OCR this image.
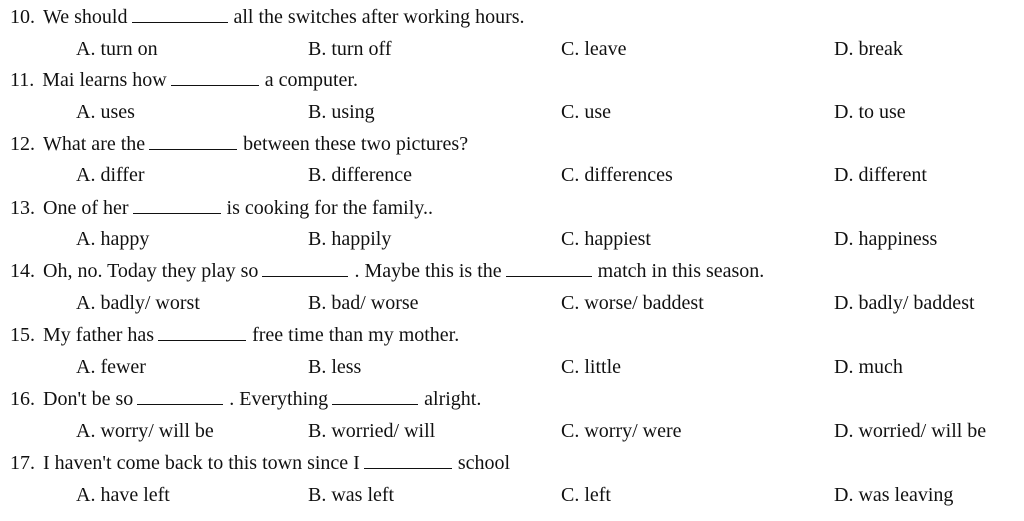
10. We should	all the switches after working hours.
A. turn on	B. turn off	C. leave	D. break
11. Mai learns how	a computer.
A. uses	B. using	C. use	D. to use
12. What are the	between these two pictures?
A. differ	B. difference	C. differences	D. different
13. One of her	is cooking for the family..
A. happy	B. happily	C. happiest	D. happiness
14. Oh, no. Today they play so	. Maybe this is the	match in this season.
A. badly/ worst	B. bad/ worse	C. worse/ baddest	D. badly/ baddest
15. My father has	free time than my mother.
A. fewer	B. less	C. little	D. much
16. Don't be so	. Everything	alright.
A. worry/ will be	B. worried/ will	C. worry/ were	D. worried/ will be
17. I haven't come back to this town since I	school
A. have left	B. was left	C. left	D. was leaving
